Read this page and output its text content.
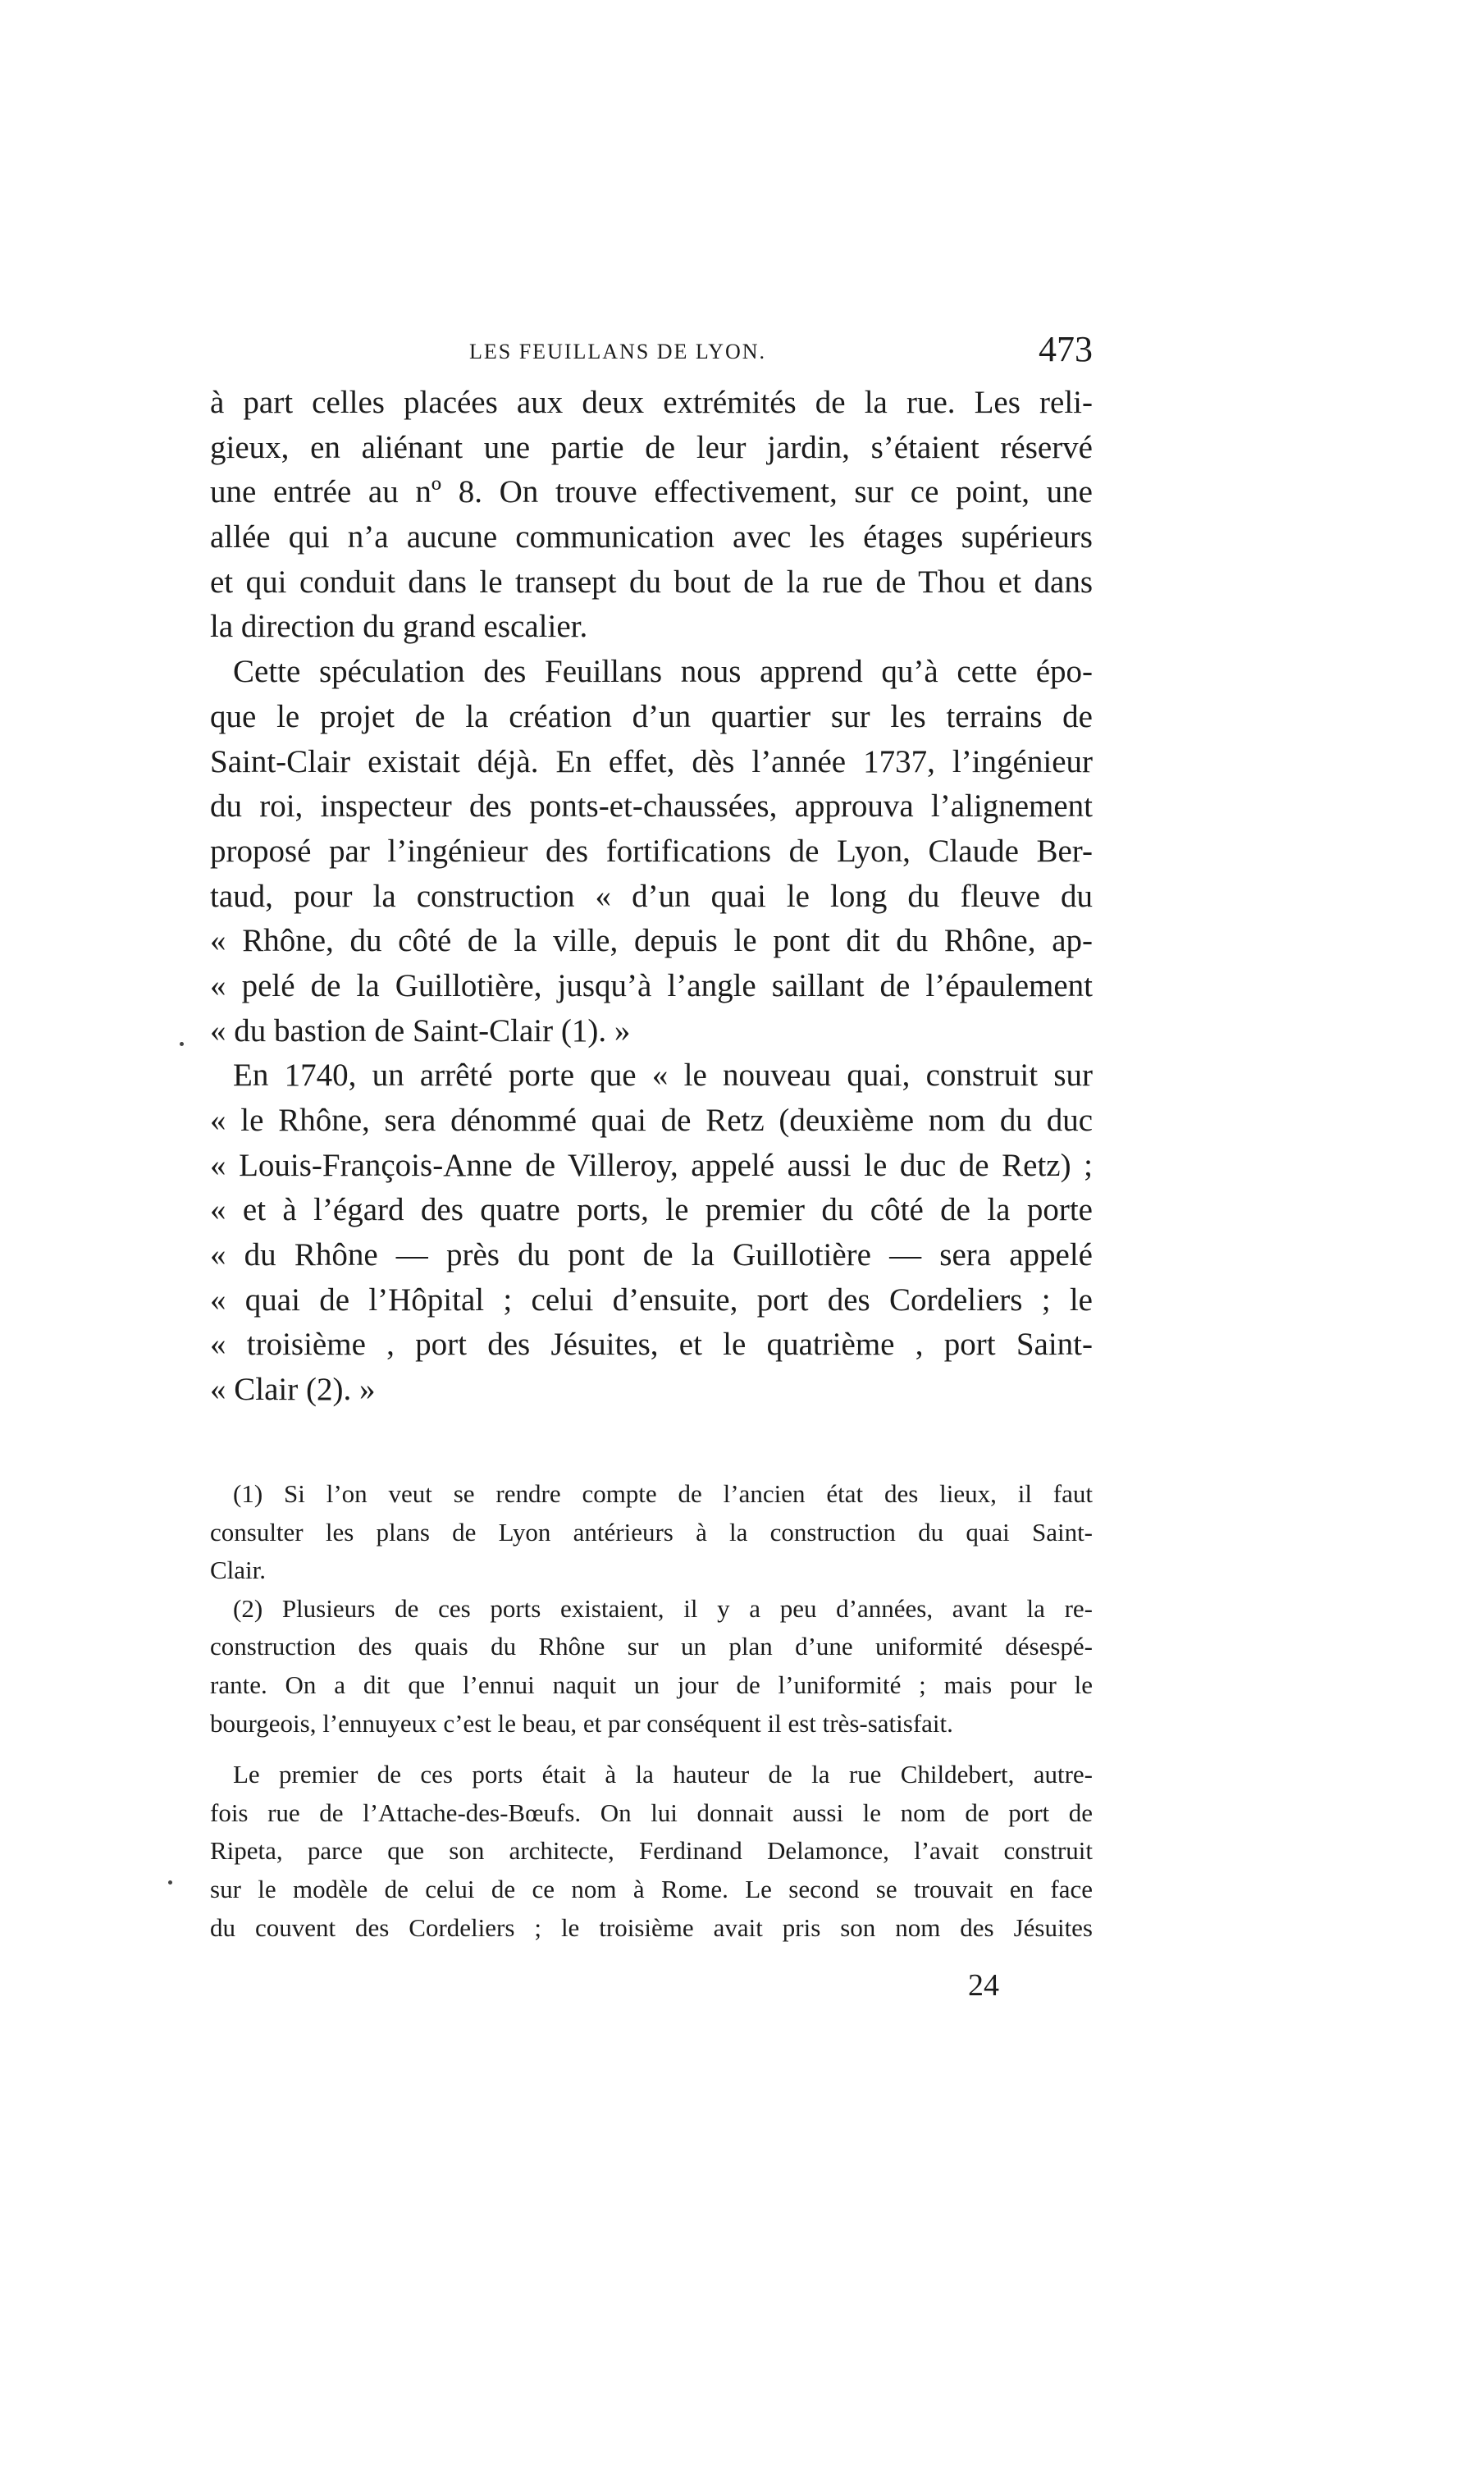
LES FEUILLANS DE LYON.	473
à part celles placées aux deux extrémités de la rue. Les reli-
gieux, en aliénant une partie de leur jardin, s’étaient réservé
une entrée au nº 8. On trouve effectivement, sur ce point, une
allée qui n’a aucune communication avec les étages supérieurs
et qui conduit dans le transept du bout de la rue de Thou et dans
la direction du grand escalier.
Cette spéculation des Feuillans nous apprend qu’à cette épo-
que le projet de la création d’un quartier sur les terrains de
Saint-Clair existait déjà. En effet, dès l’année 1737, l’ingénieur
du roi, inspecteur des ponts-et-chaussées, approuva l’alignement
proposé par l’ingénieur des fortifications de Lyon, Claude Ber-
taud, pour la construction « d’un quai le long du fleuve du
« Rhône, du côté de la ville, depuis le pont dit du Rhône, ap-
« pelé de la Guillotière, jusqu’à l’angle saillant de l’épaulement
« du bastion de Saint-Clair (1). »
En 1740, un arrêté porte que « le nouveau quai, construit sur
« le Rhône, sera dénommé quai de Retz (deuxième nom du duc
« Louis-François-Anne de Villeroy, appelé aussi le duc de Retz) ;
« et à l’égard des quatre ports, le premier du côté de la porte
« du Rhône — près du pont de la Guillotière — sera appelé
« quai de l’Hôpital ; celui d’ensuite, port des Cordeliers ; le
« troisième , port des Jésuites, et le quatrième , port Saint-
« Clair (2). »
(1) Si l’on veut se rendre compte de l’ancien état des lieux, il faut
consulter les plans de Lyon antérieurs à la construction du quai Saint-
Clair.
(2) Plusieurs de ces ports existaient, il y a peu d’années, avant la re-
construction des quais du Rhône sur un plan d’une uniformité désespé-
rante. On a dit que l’ennui naquit un jour de l’uniformité ; mais pour le
bourgeois, l’ennuyeux c’est le beau, et par conséquent il est très-satisfait.
Le premier de ces ports était à la hauteur de la rue Childebert, autre-
fois rue de l’Attache-des-Bœufs. On lui donnait aussi le nom de port de
Ripeta, parce que son architecte, Ferdinand Delamonce, l’avait construit
sur le modèle de celui de ce nom à Rome. Le second se trouvait en face
du couvent des Cordeliers ; le troisième avait pris son nom des Jésuites
24
